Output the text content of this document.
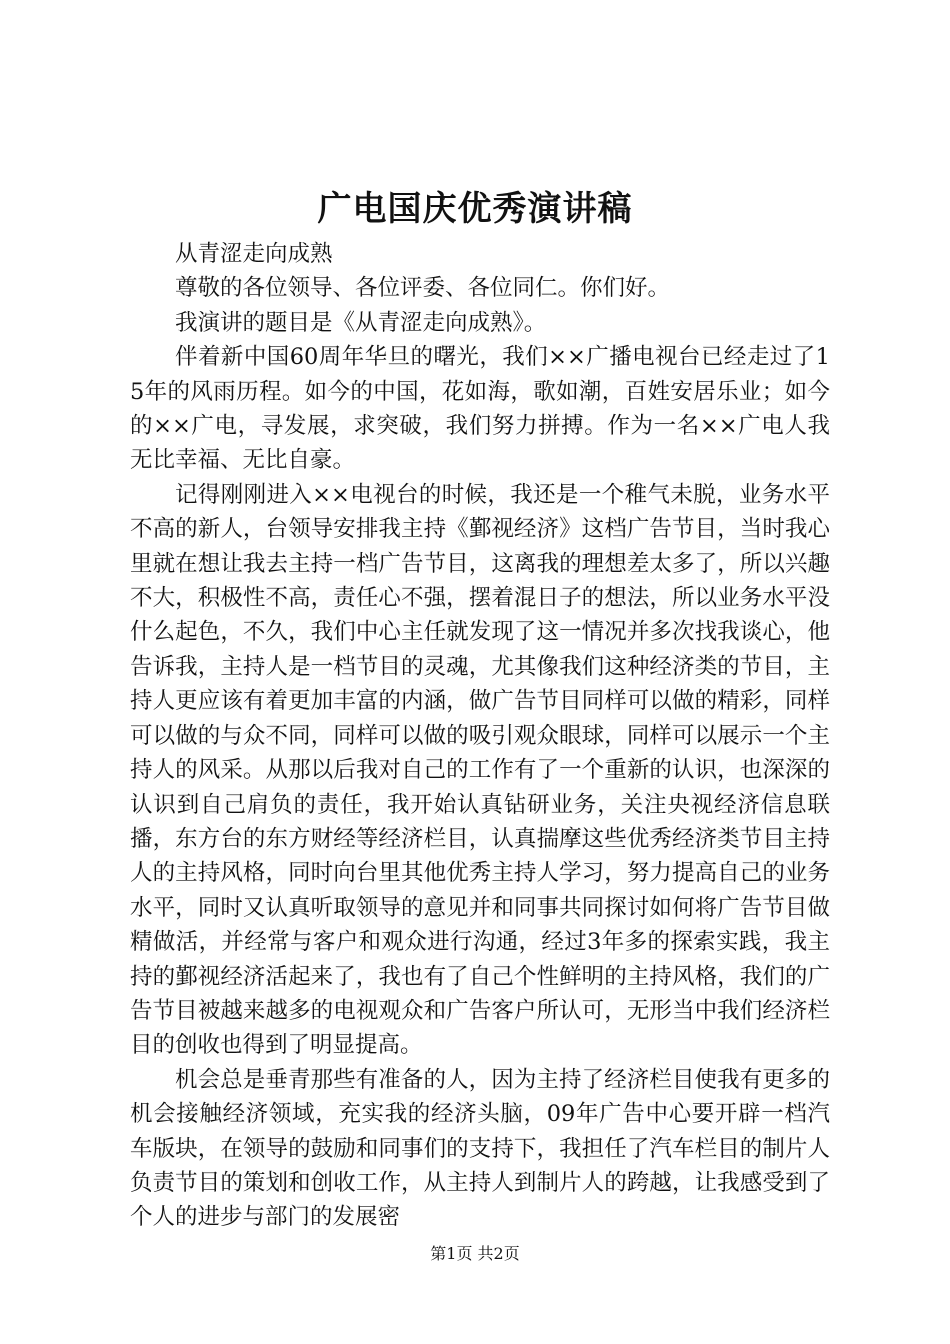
广电国庆优秀演讲稿

从青涩走向成熟

尊敬的各位领导、各位评委、各位同仁。你们好。

我演讲的题目是《从青涩走向成熟》。

伴着新中国60周年华旦的曙光，我们××广播电视台已经走过了15年的风雨历程。如今的中国，花如海，歌如潮，百姓安居乐业；如今的××广电，寻发展，求突破，我们努力拼搏。作为一名××广电人我无比幸福、无比自豪。

记得刚刚进入××电视台的时候，我还是一个稚气未脱，业务水平不高的新人，台领导安排我主持《鄞视经济》这档广告节目，当时我心里就在想让我去主持一档广告节目，这离我的理想差太多了，所以兴趣不大，积极性不高，责任心不强，摆着混日子的想法，所以业务水平没什么起色，不久，我们中心主任就发现了这一情况并多次找我谈心，他告诉我，主持人是一档节目的灵魂，尤其像我们这种经济类的节目，主持人更应该有着更加丰富的内涵，做广告节目同样可以做的精彩，同样可以做的与众不同，同样可以做的吸引观众眼球，同样可以展示一个主持人的风采。从那以后我对自己的工作有了一个重新的认识，也深深的认识到自己肩负的责任，我开始认真钻研业务，关注央视经济信息联播，东方台的东方财经等经济栏目，认真揣摩这些优秀经济类节目主持人的主持风格，同时向台里其他优秀主持人学习，努力提高自己的业务水平，同时又认真听取领导的意见并和同事共同探讨如何将广告节目做精做活，并经常与客户和观众进行沟通，经过3年多的探索实践，我主持的鄞视经济活起来了，我也有了自己个性鲜明的主持风格，我们的广告节目被越来越多的电视观众和广告客户所认可，无形当中我们经济栏目的创收也得到了明显提高。

机会总是垂青那些有准备的人，因为主持了经济栏目使我有更多的机会接触经济领域，充实我的经济头脑，09年广告中心要开辟一档汽车版块，在领导的鼓励和同事们的支持下，我担任了汽车栏目的制片人负责节目的策划和创收工作，从主持人到制片人的跨越，让我感受到了个人的进步与部门的发展密

第1页 共2页
